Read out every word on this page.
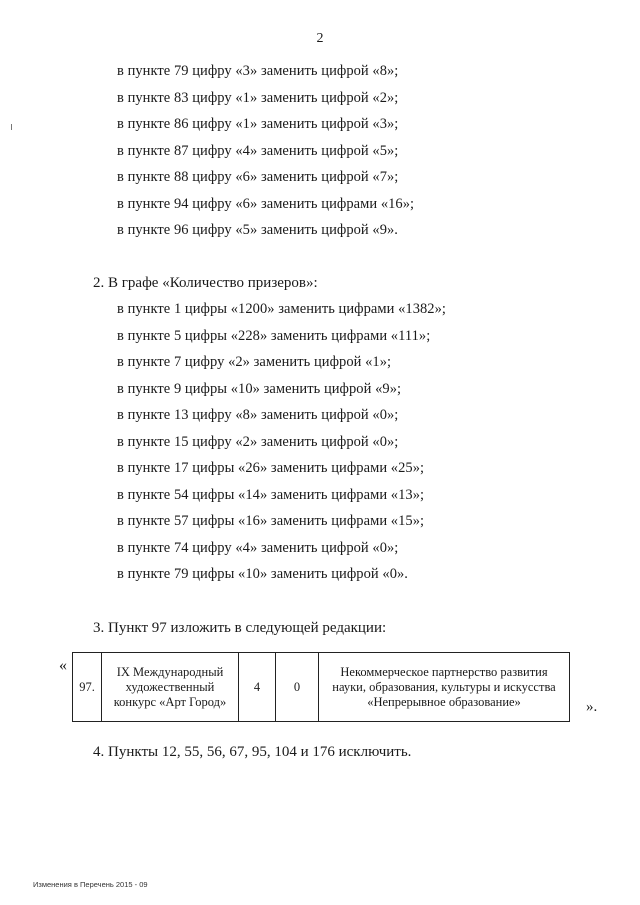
2
в пункте 79 цифру «3» заменить цифрой «8»;
в пункте 83 цифру «1» заменить цифрой «2»;
в пункте 86 цифру «1» заменить цифрой «3»;
в пункте 87 цифру «4» заменить цифрой «5»;
в пункте 88 цифру «6» заменить цифрой «7»;
в пункте 94 цифру «6» заменить цифрами «16»;
в пункте 96 цифру «5» заменить цифрой «9».
2. В графе «Количество призеров»:
в пункте 1 цифры «1200» заменить цифрами «1382»;
в пункте 5 цифры «228» заменить цифрами «111»;
в пункте 7 цифру «2» заменить цифрой «1»;
в пункте 9 цифры «10» заменить цифрой «9»;
в пункте 13 цифру «8» заменить цифрой «0»;
в пункте 15 цифру «2» заменить цифрой «0»;
в пункте 17 цифры «26» заменить цифрами «25»;
в пункте 54 цифры «14» заменить цифрами «13»;
в пункте 57 цифры «16» заменить цифрами «15»;
в пункте 74 цифру «4» заменить цифрой «0»;
в пункте 79 цифры «10» заменить цифрой «0».
3. Пункт 97 изложить в следующей редакции:
«
97.	IX Международный художественный конкурс «Арт Город»	4	0	Некоммерческое партнерство развития науки, образования, культуры и искусства «Непрерывное образование»	».
4. Пункты 12, 55, 56, 67, 95, 104 и 176 исключить.
Изменения в Перечень 2015 - 09
